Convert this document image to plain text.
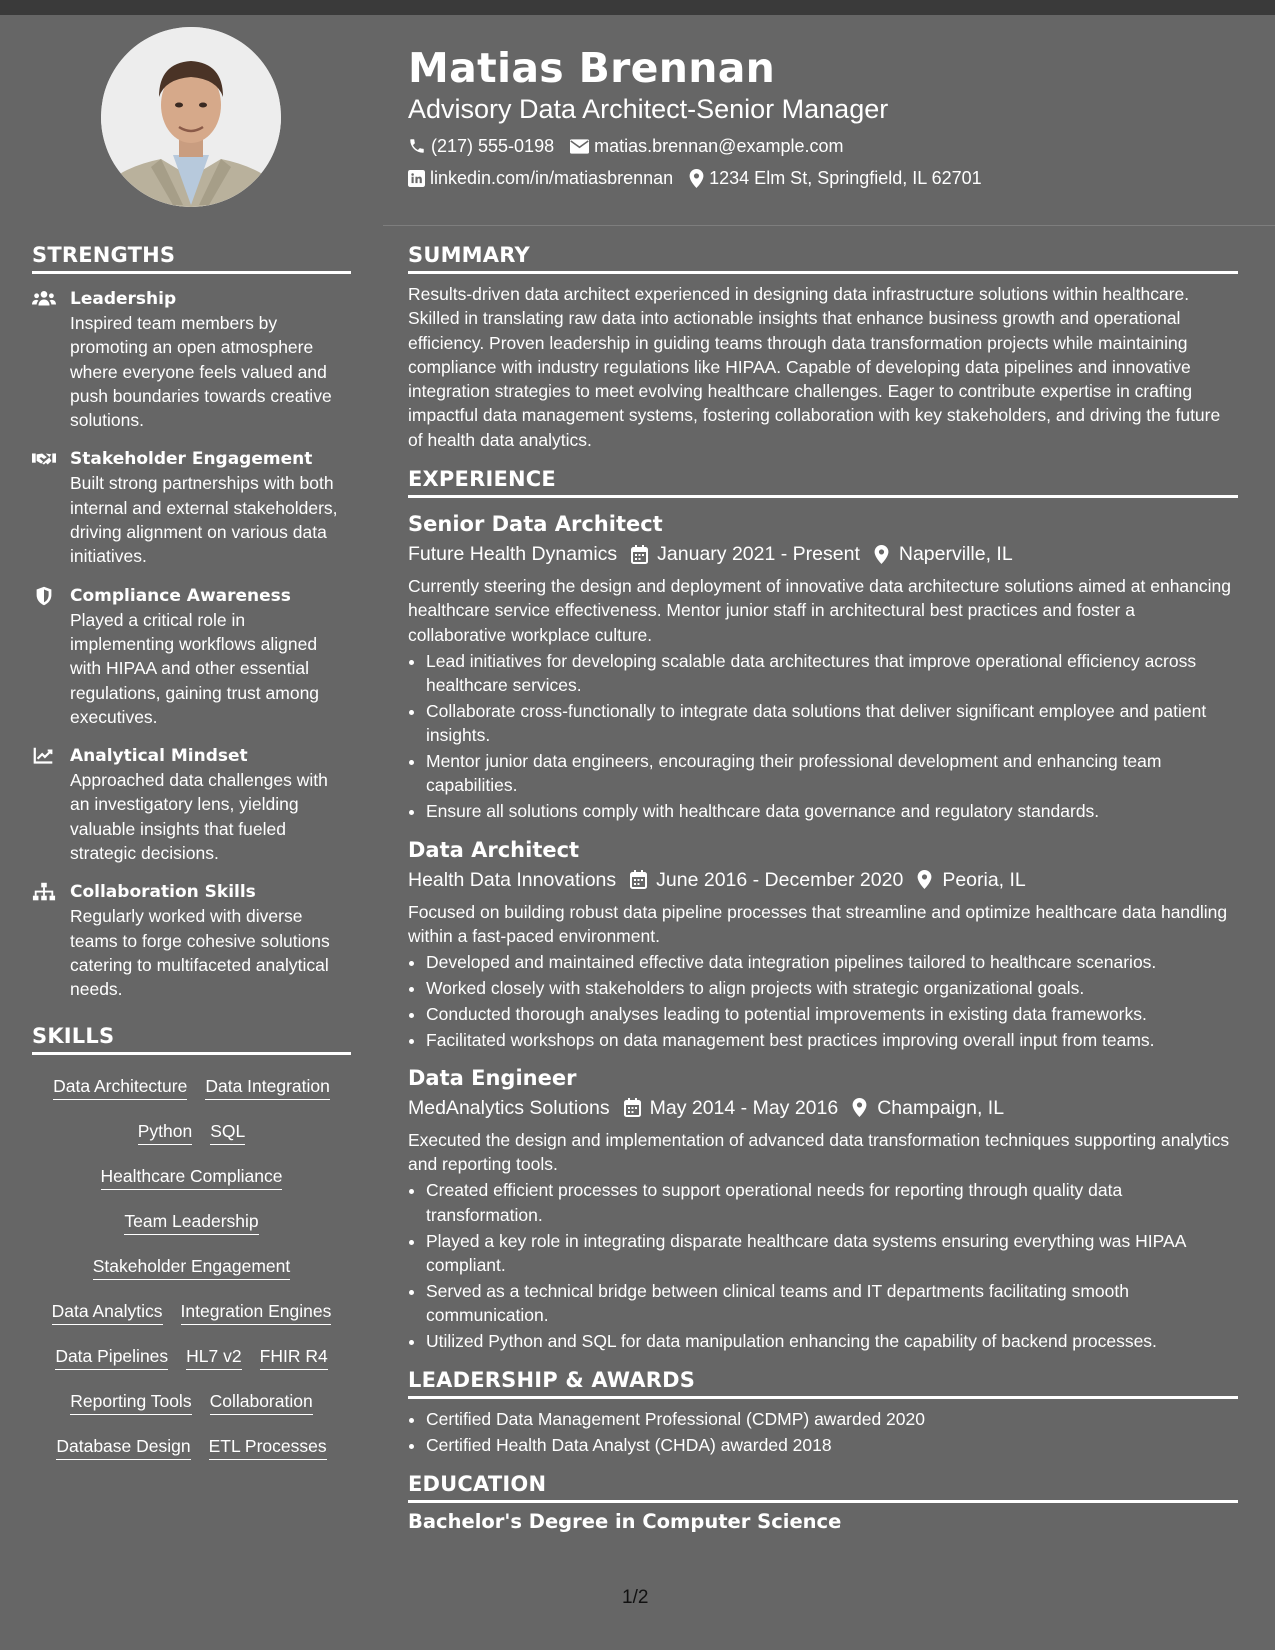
Matias Brennan
Advisory Data Architect-Senior Manager
(217) 555-0198 matias.brennan@example.com
linkedin.com/in/matiasbrennan 1234 Elm St, Springfield, IL 62701
STRENGTHS
Leadership
Inspired team members by promoting an open atmosphere where everyone feels valued and push boundaries towards creative solutions.
Stakeholder Engagement
Built strong partnerships with both internal and external stakeholders, driving alignment on various data initiatives.
Compliance Awareness
Played a critical role in implementing workflows aligned with HIPAA and other essential regulations, gaining trust among executives.
Analytical Mindset
Approached data challenges with an investigatory lens, yielding valuable insights that fueled strategic decisions.
Collaboration Skills
Regularly worked with diverse teams to forge cohesive solutions catering to multifaceted analytical needs.
SKILLS
Data Architecture Data Integration
Python SQL
Healthcare Compliance
Team Leadership
Stakeholder Engagement
Data Analytics Integration Engines
Data Pipelines HL7 v2 FHIR R4
Reporting Tools Collaboration
Database Design ETL Processes
SUMMARY

Results-driven data architect experienced in designing data infrastructure solutions within healthcare. Skilled in translating raw data into actionable insights that enhance business growth and operational efficiency. Proven leadership in guiding teams through data transformation projects while maintaining compliance with industry regulations like HIPAA. Capable of developing data pipelines and innovative integration strategies to meet evolving healthcare challenges. Eager to contribute expertise in crafting impactful data management systems, fostering collaboration with key stakeholders, and driving the future of health data analytics.

EXPERIENCE
Senior Data Architect
Future Health Dynamics January 2021 - Present Naperville, IL
Currently steering the design and deployment of innovative data architecture solutions aimed at enhancing healthcare service effectiveness. Mentor junior staff in architectural best practices and foster a collaborative workplace culture.
• Lead initiatives for developing scalable data architectures that improve operational efficiency across healthcare services.
• Collaborate cross-functionally to integrate data solutions that deliver significant employee and patient insights.
• Mentor junior data engineers, encouraging their professional development and enhancing team capabilities.
• Ensure all solutions comply with healthcare data governance and regulatory standards.
Data Architect
Health Data Innovations June 2016 - December 2020 Peoria, IL
Focused on building robust data pipeline processes that streamline and optimize healthcare data handling within a fast-paced environment.
• Developed and maintained effective data integration pipelines tailored to healthcare scenarios.
• Worked closely with stakeholders to align projects with strategic organizational goals.
• Conducted thorough analyses leading to potential improvements in existing data frameworks.
• Facilitated workshops on data management best practices improving overall input from teams.
Data Engineer
MedAnalytics Solutions May 2014 - May 2016 Champaign, IL
Executed the design and implementation of advanced data transformation techniques supporting analytics and reporting tools.
• Created efficient processes to support operational needs for reporting through quality data transformation.
• Played a key role in integrating disparate healthcare data systems ensuring everything was HIPAA compliant.
• Served as a technical bridge between clinical teams and IT departments facilitating smooth communication.
• Utilized Python and SQL for data manipulation enhancing the capability of backend processes.
LEADERSHIP & AWARDS
• Certified Data Management Professional (CDMP) awarded 2020
• Certified Health Data Analyst (CHDA) awarded 2018
EDUCATION
Bachelor's Degree in Computer Science
1/2
